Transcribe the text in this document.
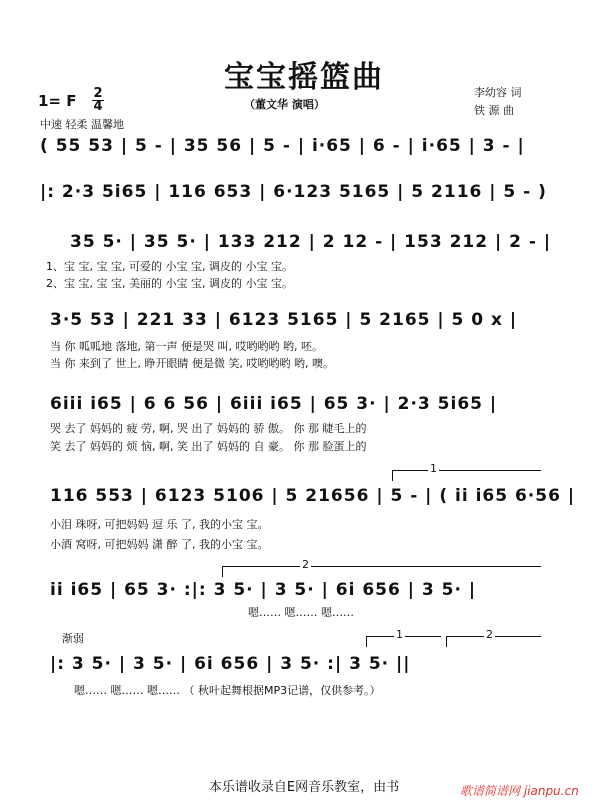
宝宝摇篮曲
1= F 2
4	（董文华 演唱）
李幼容 词
铁 源 曲
中速 轻柔 温馨地
( 55 53 | 5 - | 35 56 | 5 - | i·65 | 6 - | i·65 | 3 - |
|: 2·3 5i65 | 116 653 | 6·123 5165 | 5 2116 | 5 - )
35 5· | 35 5· | 133 212 | 2 12 - | 153 212 | 2 - |
1、宝 宝, 宝 宝, 可爱的 小宝 宝, 调皮的 小宝 宝。
2、宝 宝, 宝 宝, 美丽的 小宝 宝, 调皮的 小宝 宝。
3·5 53 | 221 33 | 6123 5165 | 5 2165 | 5 0 x |
当 你 呱呱地 落地, 第一声 便是哭 叫, 哎哟哟哟 哟, 呸。
当 你 来到了 世上, 睁开眼睛 便是微 笑, 哎哟哟哟 哟, 噢。
6iii i65 | 6 6 56 | 6iii i65 | 65 3· | 2·3 5i65 |
哭 去了 妈妈的 疲 劳, 啊, 哭 出了 妈妈的 骄 傲。 你 那 睫毛上的
笑 去了 妈妈的 烦 恼, 啊, 笑 出了 妈妈的 自 豪。 你 那 脸蛋上的
1
116 553 | 6123 5106 | 5 21656 | 5 - | ( ii i65 6·56 |
小泪 珠呀, 可把妈妈 逗 乐 了, 我的小宝 宝。
小酒 窝呀, 可把妈妈 潇 醉 了, 我的小宝 宝。
2
ii i65 | 65 3· :|: 3 5· | 3 5· | 6i 656 | 3 5· |
嗯…… 嗯…… 嗯……
渐弱	1	2
|: 3 5· | 3 5· | 6i 656 | 3 5· :| 3 5· ||
嗯…… 嗯…… 嗯…… （ 秋叶起舞根据MP3记谱，仅供参考。）
本乐谱收录自E网音乐教室，由书	歌谱简谱网 jianpu.cn
